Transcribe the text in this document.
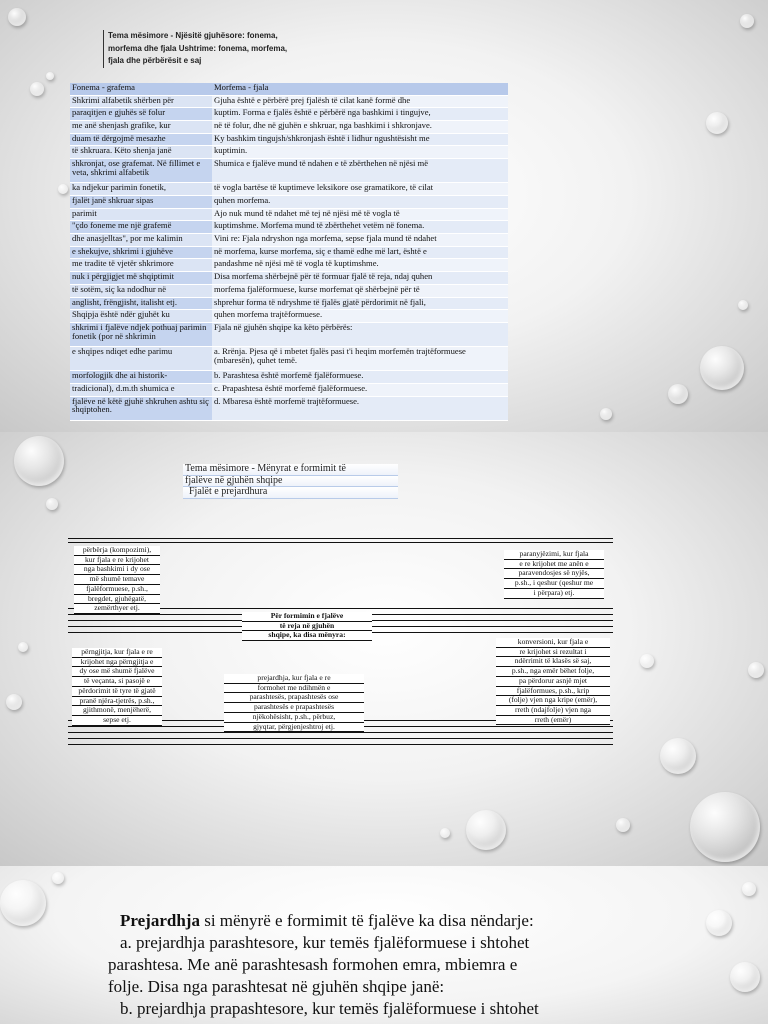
Tema mësimore - Njësitë gjuhësore: fonema,
morfema dhe fjala Ushtrime: fonema, morfema,
fjala dhe përbërësit e saj
Fonema - grafema	Morfema - fjala
Shkrimi alfabetik shërben për	Gjuha është e përbërë prej fjalësh të cilat kanë formë dhe
paraqitjen e gjuhës së folur	kuptim. Forma e fjalës është e përbërë nga bashkimi i tingujve,
me anë shenjash grafike, kur	në të folur, dhe në gjuhën e shkruar, nga bashkimi i shkronjave.
duam të dërgojmë mesazhe	Ky bashkim tingujsh/shkronjash është i lidhur ngushtësisht me
të shkruara. Këto shenja janë	kuptimin.
shkronjat, ose grafemat. Në fillimet e veta, shkrimi alfabetik	Shumica e fjalëve mund të ndahen e të zbërthehen në njësi më
ka ndjekur parimin fonetik,	të vogla bartëse të kuptimeve leksikore ose gramatikore, të cilat
fjalët janë shkruar sipas	quhen morfema.
parimit	Ajo nuk mund të ndahet më tej në njësi më të vogla të
"çdo foneme me një grafemë	kuptimshme. Morfema mund të zbërthehet vetëm në fonema.
dhe anasjelltas", por me kalimin	Vini re: Fjala ndryshon nga morfema, sepse fjala mund të ndahet
e shekujve, shkrimi i gjuhëve	në morfema, kurse morfema, siç e thamë edhe më lart, është e
me tradite të vjetër shkrimore	pandashme në njësi më të vogla të kuptimshme.
nuk i përgjigjet më shqiptimit	Disa morfema shërbejnë për të formuar fjalë të reja, ndaj quhen
të sotëm, siç ka ndodhur në	morfema fjalëformuese, kurse morfemat që shërbejnë për të
anglisht, frëngjisht, italisht etj.	shprehur forma të ndryshme të fjalës gjatë përdorimit në fjali,
Shqipja është ndër gjuhët ku	quhen morfema trajtëformuese.
shkrimi i fjalëve ndjek pothuaj parimin fonetik (por në shkrimin	Fjala në gjuhën shqipe ka këto përbërës:
e shqipes ndiqet edhe parimu	a. Rrënja. Pjesa që i mbetet fjalës pasi t'i heqim morfemën trajtëformuese (mbaresën), quhet temë.
morfologjik dhe ai historik-	b. Parashtesa është morfemë fjalëformuese.
tradicional), d.m.th shumica e	c. Prapashtesa është morfemë fjalëformuese.
fjalëve në këtë gjuhë shkruhen ashtu siç shqiptohen.	d. Mbaresa është morfemë trajtëformuese.
Tema mësimore - Mënyrat e formimit të
fjalëve në gjuhën shqipe
Fjalët e prejardhura
përbërja (kompozimi),
kur fjala e re krijohet
nga bashkimi i dy ose
më shumë temave
fjalëformuese, p.sh.,
bregdet, gjuhëgatë,
zemërthyer etj.
Për formimin e fjalëve
të reja në gjuhën
shqipe, ka disa mënyra:
paranyjëzimi, kur fjala
e re krijohet me anën e
paravendosjes së nyjës,
p.sh., i qeshur (qeshur me
i përpara) etj.
përngjitja, kur fjala e re
krijohet nga përngjitja e
dy ose më shumë fjalëve
të veçanta, si pasojë e
përdorimit të tyre të gjatë
pranë njëra-tjetrës, p.sh.,
gjithmonë, menjëherë,
sepse etj.
prejardhja, kur fjala e re
formohet me ndihmën e
parashtesës, prapashtesës ose
parashtesës e prapashtesës
njëkohësisht, p.sh., përbuz,
gjyqtar, përgjenjeshtroj etj.
konversioni, kur fjala e
re krijohet si rezultat i
ndërrimit të klasës së saj,
p.sh., nga emër bëhet folje,
pa përdorur asnjë mjet
fjalëformues, p.sh., krip
(folje) vjen nga kripe (emër),
rreth (ndajfolje) vjen nga
rreth (emër)

Prejardhja si mënyrë e formimit të fjalëve ka disa nëndarje:

a. prejardhja parashtesore, kur temës fjalëformuese i shtohet

parashtesa. Me anë parashtesash formohen emra, mbiemra e

folje. Disa nga parashtesat në gjuhën shqipe janë:

b. prejardhja prapashtesore, kur temës fjalëformuese i shtohet
